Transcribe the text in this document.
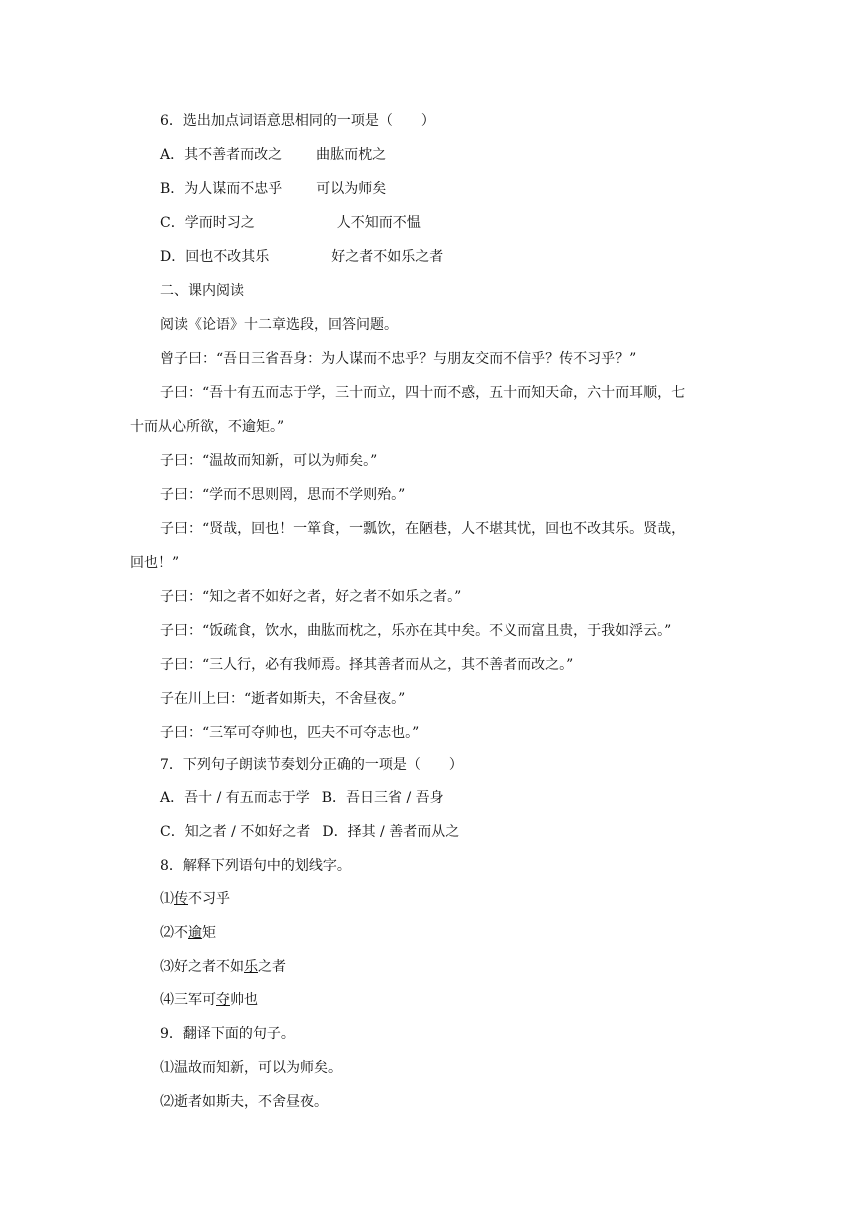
6．选出加点词语意思相同的一项是（　　）
A．其不善者而改之 曲肱而枕之
B．为人谋而不忠乎 可以为师矣
C．学而时习之	人不知而不愠
D．回也不改其乐	好之者不如乐之者
二、课内阅读
阅读《论语》十二章选段，回答问题。
曾子曰：“吾日三省吾身：为人谋而不忠乎？与朋友交而不信乎？传不习乎？”
子曰：“吾十有五而志于学，三十而立，四十而不惑，五十而知天命，六十而耳顺，七
十而从心所欲，不逾矩。”
子曰：“温故而知新，可以为师矣。”
子曰：“学而不思则罔，思而不学则殆。”
子曰：“贤哉，回也！一箪食，一瓢饮，在陋巷，人不堪其忧，回也不改其乐。贤哉，
回也！”
子曰：“知之者不如好之者，好之者不如乐之者。”
子曰：“饭疏食，饮水，曲肱而枕之，乐亦在其中矣。不义而富且贵，于我如浮云。”
子曰：“三人行，必有我师焉。择其善者而从之，其不善者而改之。”
子在川上曰：“逝者如斯夫，不舍昼夜。”
子曰：“三军可夺帅也，匹夫不可夺志也。”
7．下列句子朗读节奏划分正确的一项是（　　）
A．吾十 / 有五而志于学 B．吾日三省 / 吾身
C．知之者 / 不如好之者 D．择其 / 善者而从之
8．解释下列语句中的划线字。
⑴传不习乎
⑵不逾矩
⑶好之者不如乐之者
⑷三军可夺帅也
9．翻译下面的句子。
⑴温故而知新，可以为师矣。
⑵逝者如斯夫，不舍昼夜。
